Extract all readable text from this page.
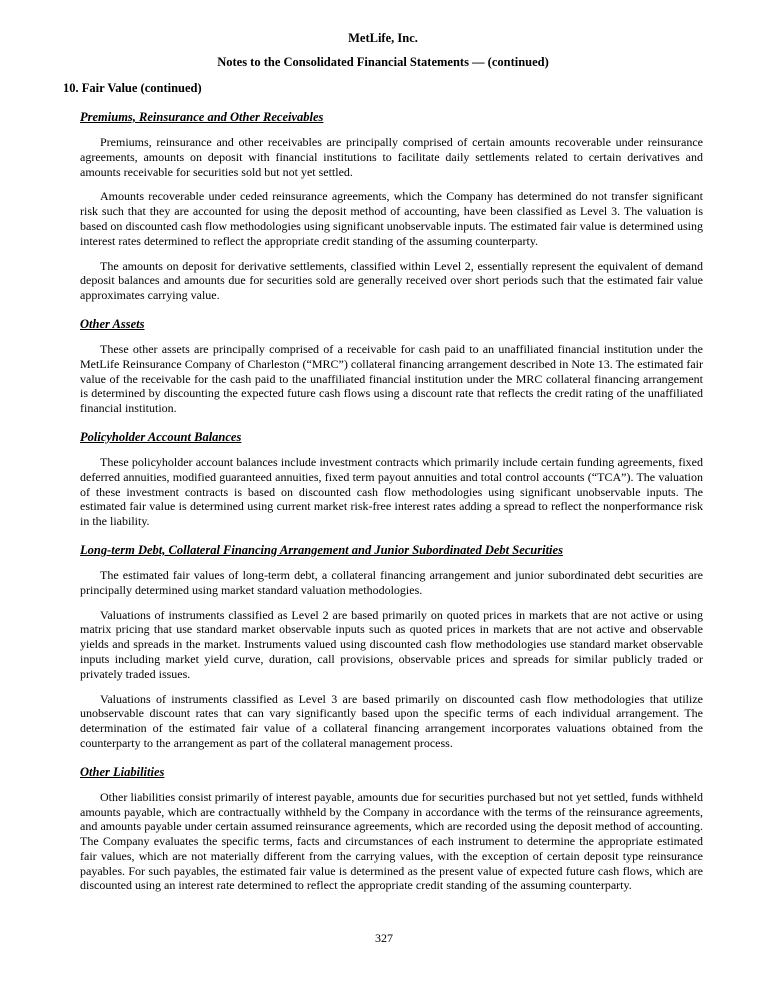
MetLife, Inc.
Notes to the Consolidated Financial Statements — (continued)
10. Fair Value (continued)
Premiums, Reinsurance and Other Receivables

Premiums, reinsurance and other receivables are principally comprised of certain amounts recoverable under reinsurance agreements, amounts on deposit with financial institutions to facilitate daily settlements related to certain derivatives and amounts receivable for securities sold but not yet settled.

Amounts recoverable under ceded reinsurance agreements, which the Company has determined do not transfer significant risk such that they are accounted for using the deposit method of accounting, have been classified as Level 3. The valuation is based on discounted cash flow methodologies using significant unobservable inputs. The estimated fair value is determined using interest rates determined to reflect the appropriate credit standing of the assuming counterparty.

The amounts on deposit for derivative settlements, classified within Level 2, essentially represent the equivalent of demand deposit balances and amounts due for securities sold are generally received over short periods such that the estimated fair value approximates carrying value.

Other Assets

These other assets are principally comprised of a receivable for cash paid to an unaffiliated financial institution under the MetLife Reinsurance Company of Charleston (“MRC”) collateral financing arrangement described in Note 13. The estimated fair value of the receivable for the cash paid to the unaffiliated financial institution under the MRC collateral financing arrangement is determined by discounting the expected future cash flows using a discount rate that reflects the credit rating of the unaffiliated financial institution.

Policyholder Account Balances

These policyholder account balances include investment contracts which primarily include certain funding agreements, fixed deferred annuities, modified guaranteed annuities, fixed term payout annuities and total control accounts (“TCA”). The valuation of these investment contracts is based on discounted cash flow methodologies using significant unobservable inputs. The estimated fair value is determined using current market risk-free interest rates adding a spread to reflect the nonperformance risk in the liability.

Long-term Debt, Collateral Financing Arrangement and Junior Subordinated Debt Securities

The estimated fair values of long-term debt, a collateral financing arrangement and junior subordinated debt securities are principally determined using market standard valuation methodologies.

Valuations of instruments classified as Level 2 are based primarily on quoted prices in markets that are not active or using matrix pricing that use standard market observable inputs such as quoted prices in markets that are not active and observable yields and spreads in the market. Instruments valued using discounted cash flow methodologies use standard market observable inputs including market yield curve, duration, call provisions, observable prices and spreads for similar publicly traded or privately traded issues.

Valuations of instruments classified as Level 3 are based primarily on discounted cash flow methodologies that utilize unobservable discount rates that can vary significantly based upon the specific terms of each individual arrangement. The determination of the estimated fair value of a collateral financing arrangement incorporates valuations obtained from the counterparty to the arrangement as part of the collateral management process.

Other Liabilities

Other liabilities consist primarily of interest payable, amounts due for securities purchased but not yet settled, funds withheld amounts payable, which are contractually withheld by the Company in accordance with the terms of the reinsurance agreements, and amounts payable under certain assumed reinsurance agreements, which are recorded using the deposit method of accounting. The Company evaluates the specific terms, facts and circumstances of each instrument to determine the appropriate estimated fair values, which are not materially different from the carrying values, with the exception of certain deposit type reinsurance payables. For such payables, the estimated fair value is determined as the present value of expected future cash flows, which are discounted using an interest rate determined to reflect the appropriate credit standing of the assuming counterparty.

327
